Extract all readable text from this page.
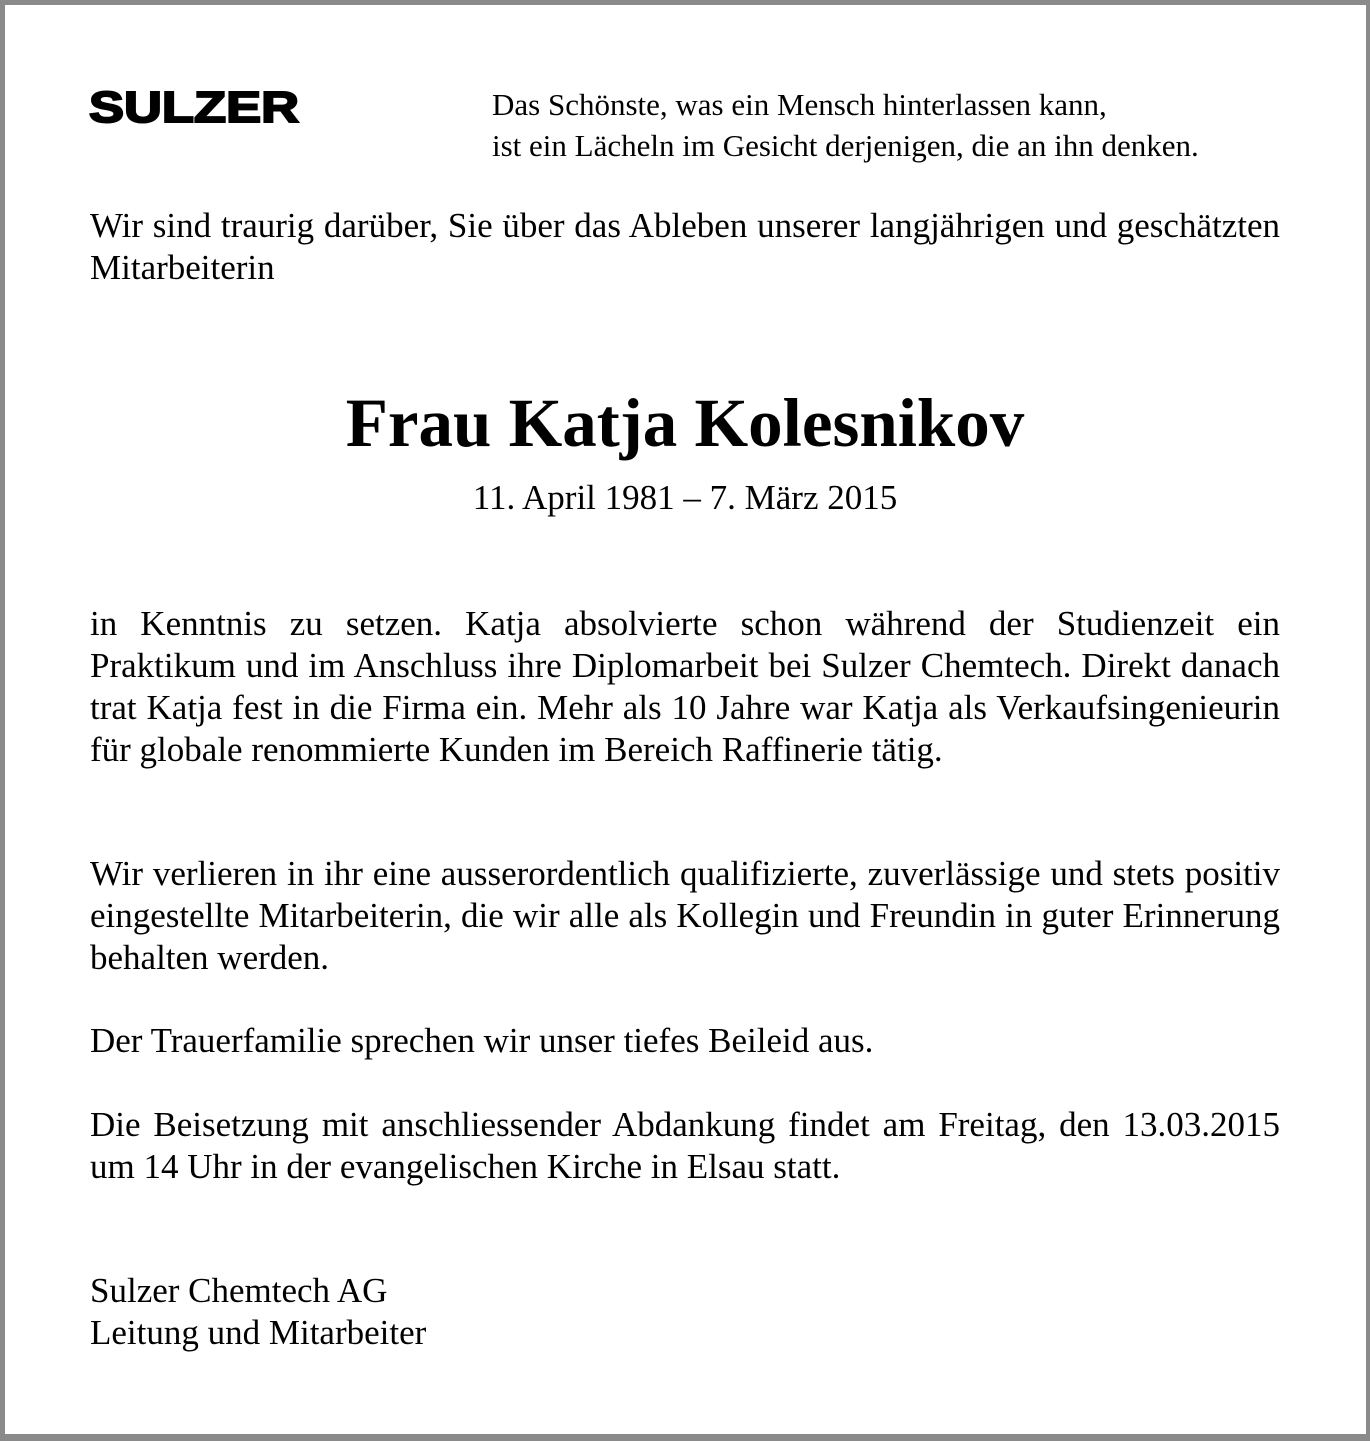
SULZER	Das Schönste, was ein Mensch hinterlassen kann,
ist ein Lächeln im Gesicht derjenigen, die an ihn denken.

Wir sind traurig darüber, Sie über das Ableben unserer langjährigen und geschätzten Mitarbeiterin

Frau Katja Kolesnikov
11. April 1981 – 7. März 2015

in Kenntnis zu setzen. Katja absolvierte schon während der Studienzeit ein Praktikum und im Anschluss ihre Diplomarbeit bei Sulzer Chemtech. Direkt danach trat Katja fest in die Firma ein. Mehr als 10 Jahre war Katja als Verkaufsingenieurin für globale renommierte Kunden im Bereich Raffinerie tätig.

Wir verlieren in ihr eine ausserordentlich qualifizierte, zuverlässige und stets positiv eingestellte Mitarbeiterin, die wir alle als Kollegin und Freundin in guter Erinnerung behalten werden.

Der Trauerfamilie sprechen wir unser tiefes Beileid aus.

Die Beisetzung mit anschliessender Abdankung findet am Freitag, den 13.03.2015 um 14 Uhr in der evangelischen Kirche in Elsau statt.

Sulzer Chemtech AG
Leitung und Mitarbeiter
